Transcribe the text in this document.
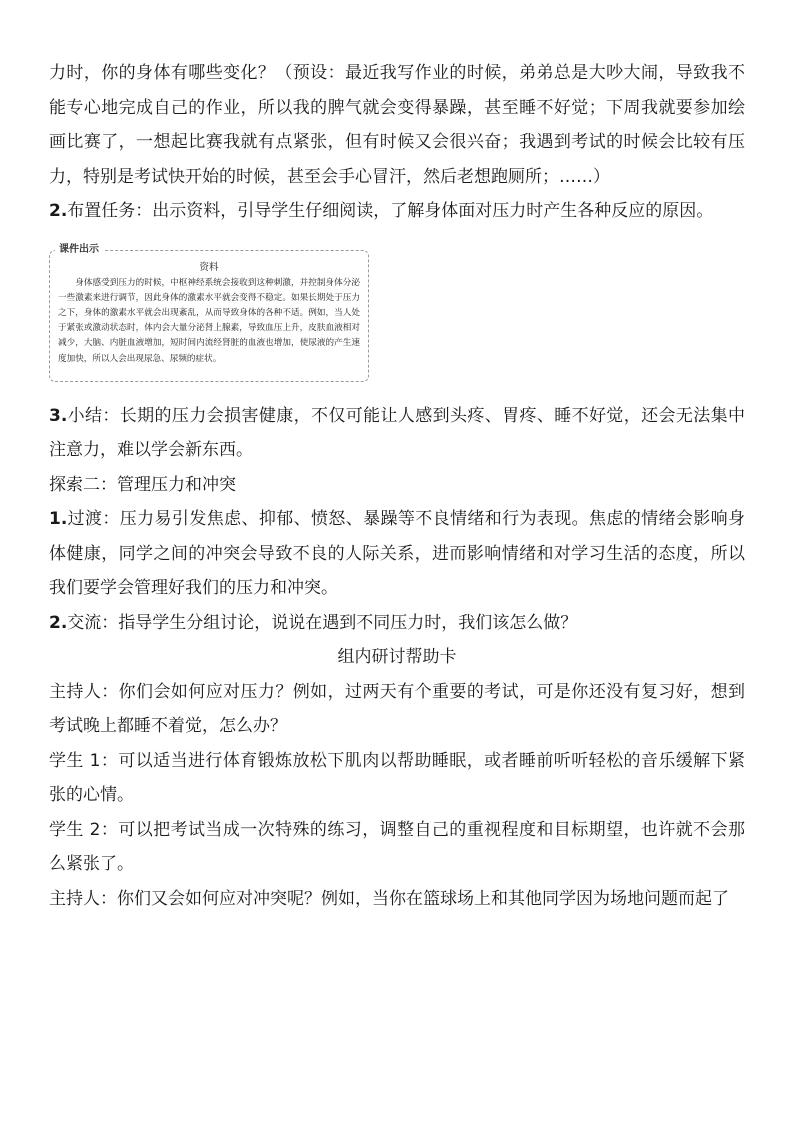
力时，你的身体有哪些变化？（预设：最近我写作业的时候，弟弟总是大吵大闹，导致我不能专心地完成自己的作业，所以我的脾气就会变得暴躁，甚至睡不好觉；下周我就要参加绘画比赛了，一想起比赛我就有点紧张，但有时候又会很兴奋；我遇到考试的时候会比较有压力，特别是考试快开始的时候，甚至会手心冒汗，然后老想跑厕所；……）

2.布置任务：出示资料，引导学生仔细阅读，了解身体面对压力时产生各种反应的原因。

课件出示

资料

身体感受到压力的时候，中枢神经系统会接收到这种刺激，并控制身体分泌一些激素来进行调节，因此身体的激素水平就会变得不稳定。如果长期处于压力之下，身体的激素水平就会出现紊乱，从而导致身体的各种不适。例如，当人处于紧张或激动状态时，体内会大量分泌肾上腺素，导致血压上升，皮肤血液相对减少，大脑、内脏血液增加，短时间内流经肾脏的血液也增加，使尿液的产生速度加快，所以人会出现尿急、尿频的症状。

3.小结：长期的压力会损害健康，不仅可能让人感到头疼、胃疼、睡不好觉，还会无法集中注意力，难以学会新东西。

探索二：管理压力和冲突

1.过渡：压力易引发焦虑、抑郁、愤怒、暴躁等不良情绪和行为表现。焦虑的情绪会影响身体健康，同学之间的冲突会导致不良的人际关系，进而影响情绪和对学习生活的态度，所以我们要学会管理好我们的压力和冲突。

2.交流：指导学生分组讨论，说说在遇到不同压力时，我们该怎么做？

组内研讨帮助卡

主持人：你们会如何应对压力？例如，过两天有个重要的考试，可是你还没有复习好，想到考试晚上都睡不着觉，怎么办？

学生 1：可以适当进行体育锻炼放松下肌肉以帮助睡眠，或者睡前听听轻松的音乐缓解下紧张的心情。

学生 2：可以把考试当成一次特殊的练习，调整自己的重视程度和目标期望，也许就不会那么紧张了。

主持人：你们又会如何应对冲突呢？例如，当你在篮球场上和其他同学因为场地问题而起了
